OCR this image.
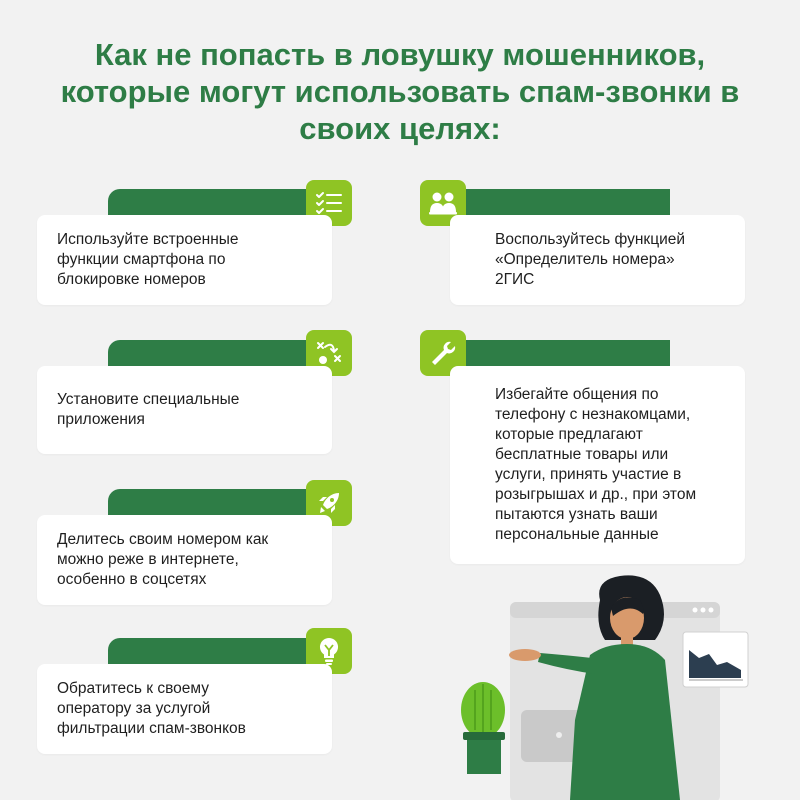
Как не попасть в ловушку мошенников,
которые могут использовать спам-звонки в
своих целях:
Используйте встроенные
функции смартфона по
блокировке номеров
Воспользуйтесь функцией
«Определитель номера»
2ГИС
Установите специальные
приложения
Избегайте общения по
телефону с незнакомцами,
которые предлагают
бесплатные товары или
услуги, принять участие в
розыгрышах и др., при этом
пытаются узнать ваши
персональные данные
Делитесь своим номером как
можно реже в интернете,
особенно в соцсетях
Обратитесь к своему
оператору за услугой
фильтрации спам-звонков
